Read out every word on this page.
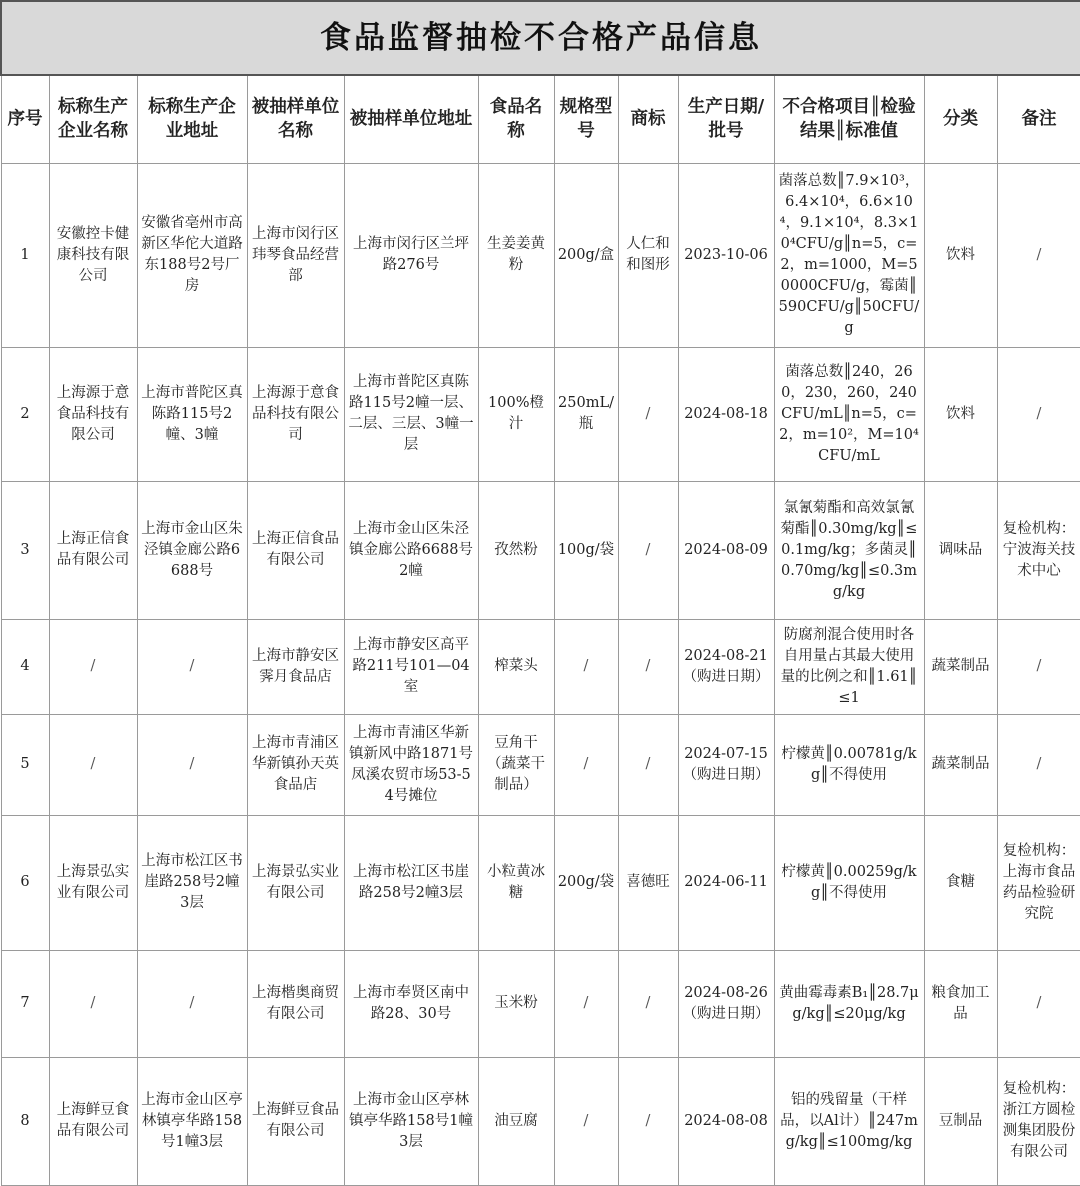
食品监督抽检不合格产品信息											
序号	标称生产企业名称	标称生产企业地址	被抽样单位名称	被抽样单位地址	食品名称	规格型号	商标	生产日期/批号	不合格项目║检验结果║标准值	分类	备注
1	安徽控卡健康科技有限公司	安徽省亳州市高新区华佗大道路东188号2号厂房	上海市闵行区玮琴食品经营部	上海市闵行区兰坪路276号	生姜姜黄粉	200g/盒	人仁和和图形	2023-10-06	菌落总数║7.9×10³，6.4×10⁴，6.6×10⁴，9.1×10⁴，8.3×10⁴CFU/g║n=5，c=2，m=1000，M=50000CFU/g，霉菌║590CFU/g║50CFU/g	饮料	/
2	上海源于意食品科技有限公司	上海市普陀区真陈路115号2幢、3幢	上海源于意食品科技有限公司	上海市普陀区真陈路115号2幢一层、二层、三层、3幢一层	100%橙汁	250mL/瓶	/	2024-08-18	菌落总数║240，260，230，260，240CFU/mL║n=5，c=2，m=10²，M=10⁴CFU/mL	饮料	/
3	上海正信食品有限公司	上海市金山区朱泾镇金廊公路6688号	上海正信食品有限公司	上海市金山区朱泾镇金廊公路6688号2幢	孜然粉	100g/袋	/	2024-08-09	氯氰菊酯和高效氯氰菊酯║0.30mg/kg║≤0.1mg/kg；多菌灵║0.70mg/kg║≤0.3mg/kg	调味品	复检机构：宁波海关技术中心
4	/	/	上海市静安区霁月食品店	上海市静安区高平路211号101—04室	榨菜头	/	/	2024-08-21（购进日期）	防腐剂混合使用时各自用量占其最大使用量的比例之和║1.61║≤1	蔬菜制品	/
5	/	/	上海市青浦区华新镇孙天英食品店	上海市青浦区华新镇新风中路1871号凤溪农贸市场53-54号摊位	豆角干（蔬菜干制品）	/	/	2024-07-15（购进日期）	柠檬黄║0.00781g/kg║不得使用	蔬菜制品	/
6	上海景弘实业有限公司	上海市松江区书崖路258号2幢3层	上海景弘实业有限公司	上海市松江区书崖路258号2幢3层	小粒黄冰糖	200g/袋	喜德旺	2024-06-11	柠檬黄║0.00259g/kg║不得使用	食糖	复检机构：上海市食品药品检验研究院
7	/	/	上海楷奥商贸有限公司	上海市奉贤区南中路28、30号	玉米粉	/	/	2024-08-26（购进日期）	黄曲霉毒素B₁║28.7μg/kg║≤20μg/kg	粮食加工品	/
8	上海鲜豆食品有限公司	上海市金山区亭林镇亭华路158号1幢3层	上海鲜豆食品有限公司	上海市金山区亭林镇亭华路158号1幢3层	油豆腐	/	/	2024-08-08	铝的残留量（干样品，以Al计）║247mg/kg║≤100mg/kg	豆制品	复检机构：浙江方圆检测集团股份有限公司
